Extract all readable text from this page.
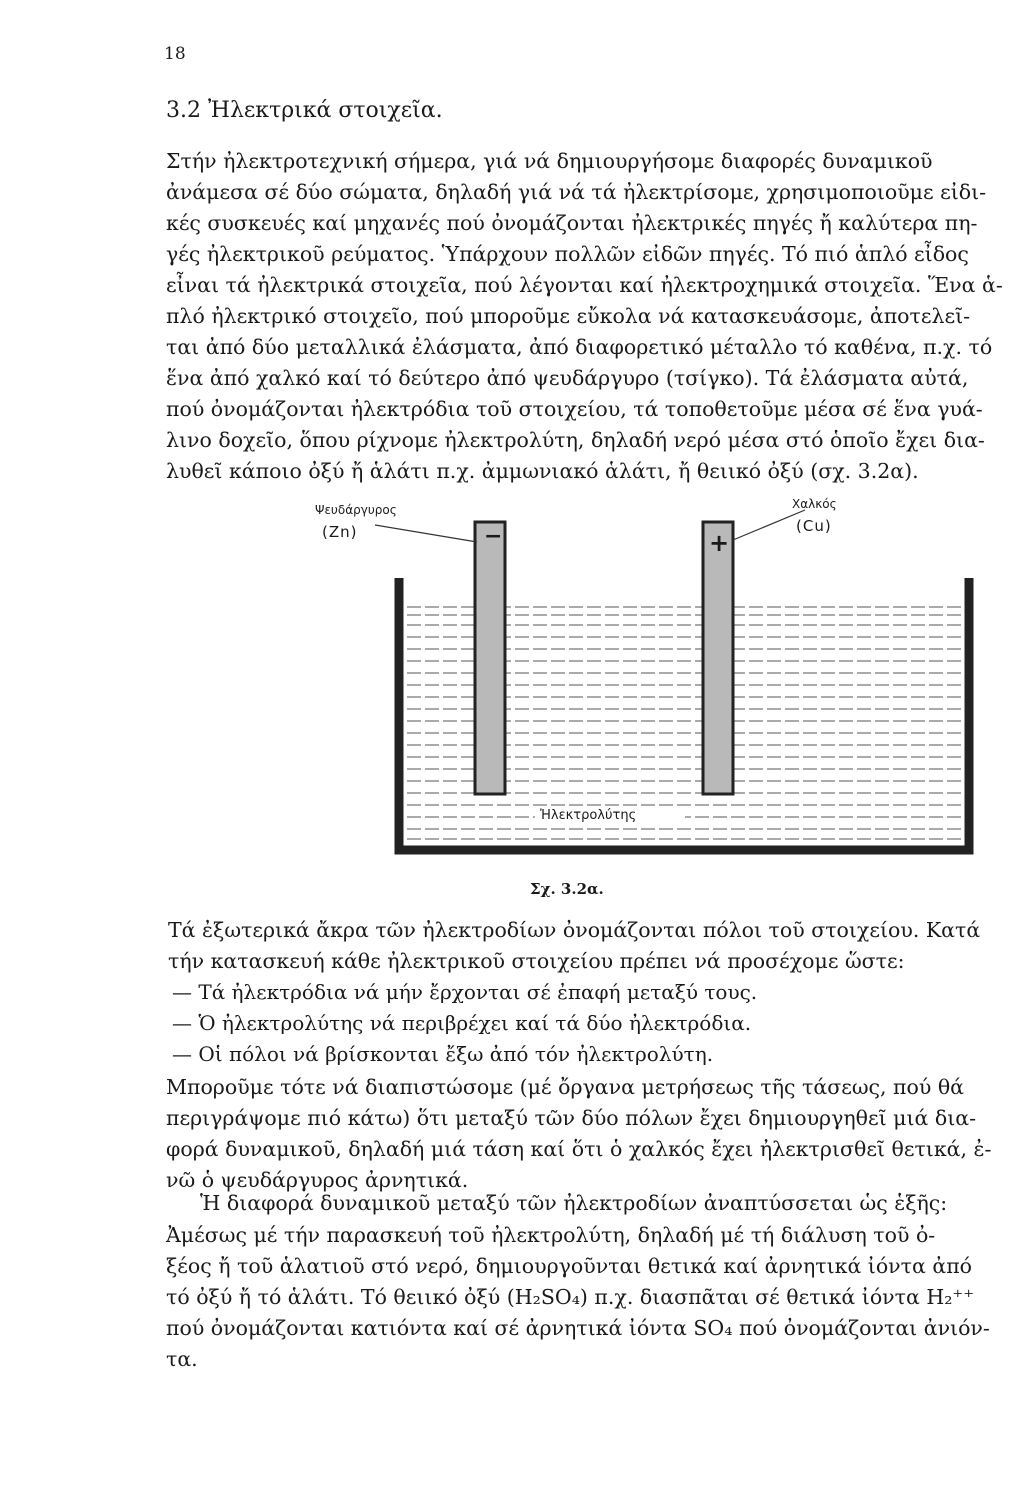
18
3.2 Ἠλεκτρικά στοιχεῖα.
Στήν ἠλεκτροτεχνική σήμερα, γιά νά δημιουργήσομε διαφορές δυναμικοῦ
ἀνάμεσα σέ δύο σώματα, δηλαδή γιά νά τά ἠλεκτρίσομε, χρησιμοποιοῦμε εἰδι-
κές συσκευές καί μηχανές πού ὀνομάζονται ἠλεκτρικές πηγές ἤ καλύτερα πη-
γές ἠλεκτρικοῦ ρεύματος. Ὑπάρχουν πολλῶν εἰδῶν πηγές. Τό πιό ἁπλό εἶδος
εἶναι τά ἠλεκτρικά στοιχεῖα, πού λέγονται καί ἠλεκτροχημικά στοιχεῖα. Ἕνα ἁ-
πλό ἠλεκτρικό στοιχεῖο, πού μποροῦμε εὔκολα νά κατασκευάσομε, ἀποτελεῖ-
ται ἀπό δύο μεταλλικά ἐλάσματα, ἀπό διαφορετικό μέταλλο τό καθένα, π.χ. τό
ἕνα ἀπό χαλκό καί τό δεύτερο ἀπό ψευδάργυρο (τσίγκο). Τά ἐλάσματα αὐτά,
πού ὀνομάζονται ἠλεκτρόδια τοῦ στοιχείου, τά τοποθετοῦμε μέσα σέ ἕνα γυά-
λινο δοχεῖο, ὅπου ρίχνομε ἠλεκτρολύτη, δηλαδή νερό μέσα στό ὁποῖο ἔχει δια-
λυθεῖ κάποιο ὀξύ ἤ ἁλάτι π.χ. ἀμμωνιακό ἁλάτι, ἤ θειικό ὀξύ (σχ. 3.2α).
Ψευδάργυρος
(Zn)
Χαλκός
(Cu)
−	+
Ἠλεκτρολύτης
Σχ. 3.2α.
Τά ἐξωτερικά ἄκρα τῶν ἠλεκτροδίων ὀνομάζονται πόλοι τοῦ στοιχείου. Κατά
τήν κατασκευή κάθε ἠλεκτρικοῦ στοιχείου πρέπει νά προσέχομε ὥστε:
— Τά ἠλεκτρόδια νά μήν ἔρχονται σέ ἐπαφή μεταξύ τους.
— Ὁ ἠλεκτρολύτης νά περιβρέχει καί τά δύο ἠλεκτρόδια.
— Οἱ πόλοι νά βρίσκονται ἔξω ἀπό τόν ἠλεκτρολύτη.
Μποροῦμε τότε νά διαπιστώσομε (μέ ὄργανα μετρήσεως τῆς τάσεως, πού θά
περιγράψομε πιό κάτω) ὅτι μεταξύ τῶν δύο πόλων ἔχει δημιουργηθεῖ μιά δια-
φορά δυναμικοῦ, δηλαδή μιά τάση καί ὅτι ὁ χαλκός ἔχει ἠλεκτρισθεῖ θετικά, ἐ-
νῶ ὁ ψευδάργυρος ἀρνητικά.
Ἡ διαφορά δυναμικοῦ μεταξύ τῶν ἠλεκτροδίων ἀναπτύσσεται ὡς ἑξῆς:
Ἀμέσως μέ τήν παρασκευή τοῦ ἠλεκτρολύτη, δηλαδή μέ τή διάλυση τοῦ ὀ-
ξέος ἤ τοῦ ἁλατιοῦ στό νερό, δημιουργοῦνται θετικά καί ἀρνητικά ἰόντα ἀπό
τό ὀξύ ἤ τό ἁλάτι. Τό θειικό ὀξύ (H₂SO₄) π.χ. διασπᾶται σέ θετικά ἰόντα H₂⁺⁺
πού ὀνομάζονται κατιόντα καί σέ ἀρνητικά ἰόντα SO₄ πού ὀνομάζονται ἀνιόν-
τα.
